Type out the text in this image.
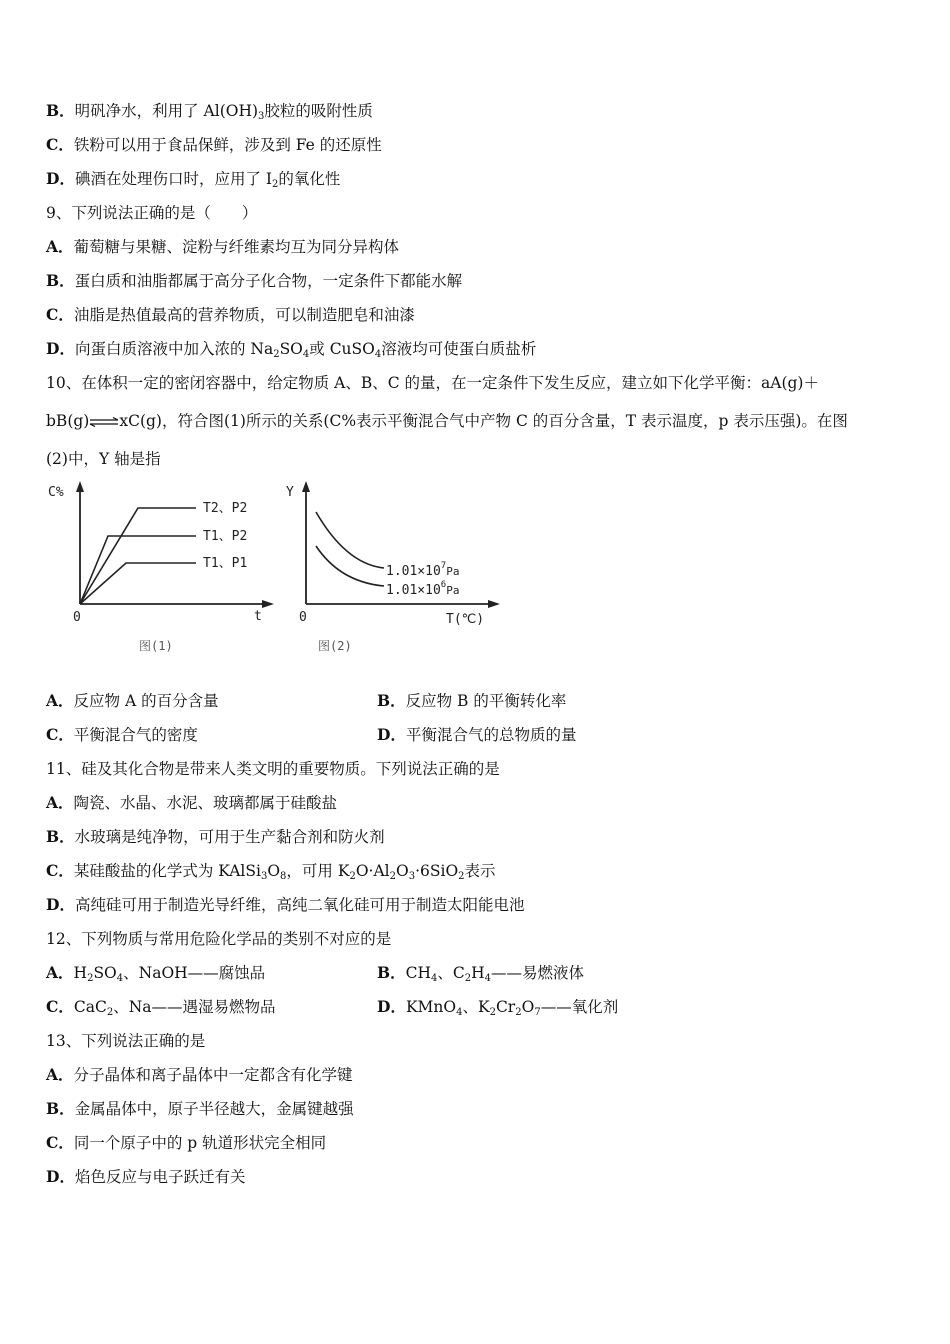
B．明矾净水，利用了 $Al(OH)_3$胶粒的吸附性质
C．铁粉可以用于食品保鲜，涉及到 Fe 的还原性
D．碘酒在处理伤口时，应用了 $I_2$的氧化性
9、下列说法正确的是（　　）
A．葡萄糖与果糖、淀粉与纤维素均互为同分异构体
B．蛋白质和油脂都属于高分子化合物，一定条件下都能水解
C．油脂是热值最高的营养物质，可以制造肥皂和油漆
D．向蛋白质溶液中加入浓的 $Na_2SO_4$或 CuSO$_4$溶液均可使蛋白质盐析
10、在体积一定的密闭容器中，给定物质 A、B、C 的量，在一定条件下发生反应，建立如下化学平衡：aA(g)＋
bB(g)⇌xC(g)，符合图(1)所示的关系(C%表示平衡混合气中产物 C 的百分含量，T 表示温度，p 表示压强)。在图
(2)中，Y 轴是指
C%
0	t
T2、P2
T1、P2
T1、P1
图(1)
Y
0	T(℃)
$1.01\times 10^7_{Pa}$
$1.01\times 10^6_{Pa}$
图(2)
A．反应物 A 的百分含量	B．反应物 B 的平衡转化率
C．平衡混合气的密度	D．平衡混合气的总物质的量
11、硅及其化合物是带来人类文明的重要物质。下列说法正确的是
A．陶瓷、水晶、水泥、玻璃都属于硅酸盐
B．水玻璃是纯净物，可用于生产黏合剂和防火剂
C．某硅酸盐的化学式为 $KAlSi_3O_8$，可用 $K_2O\cdot Al_2O_3\cdot 6SiO_2$表示
D．高纯硅可用于制造光导纤维，高纯二氧化硅可用于制造太阳能电池
12、下列物质与常用危险化学品的类别不对应的是
A．$H_2SO_4$、NaOH——腐蚀品	B．$CH_4$、$C_2H_4——$易燃液体
C．CaC$_2$、Na——遇湿易燃物品	D．KMnO$_4$、$K_2Cr_2O_7——$氧化剂
13、下列说法正确的是
A．分子晶体和离子晶体中一定都含有化学键
B．金属晶体中，原子半径越大，金属键越强
C．同一个原子中的 p 轨道形状完全相同
D．焰色反应与电子跃迁有关
